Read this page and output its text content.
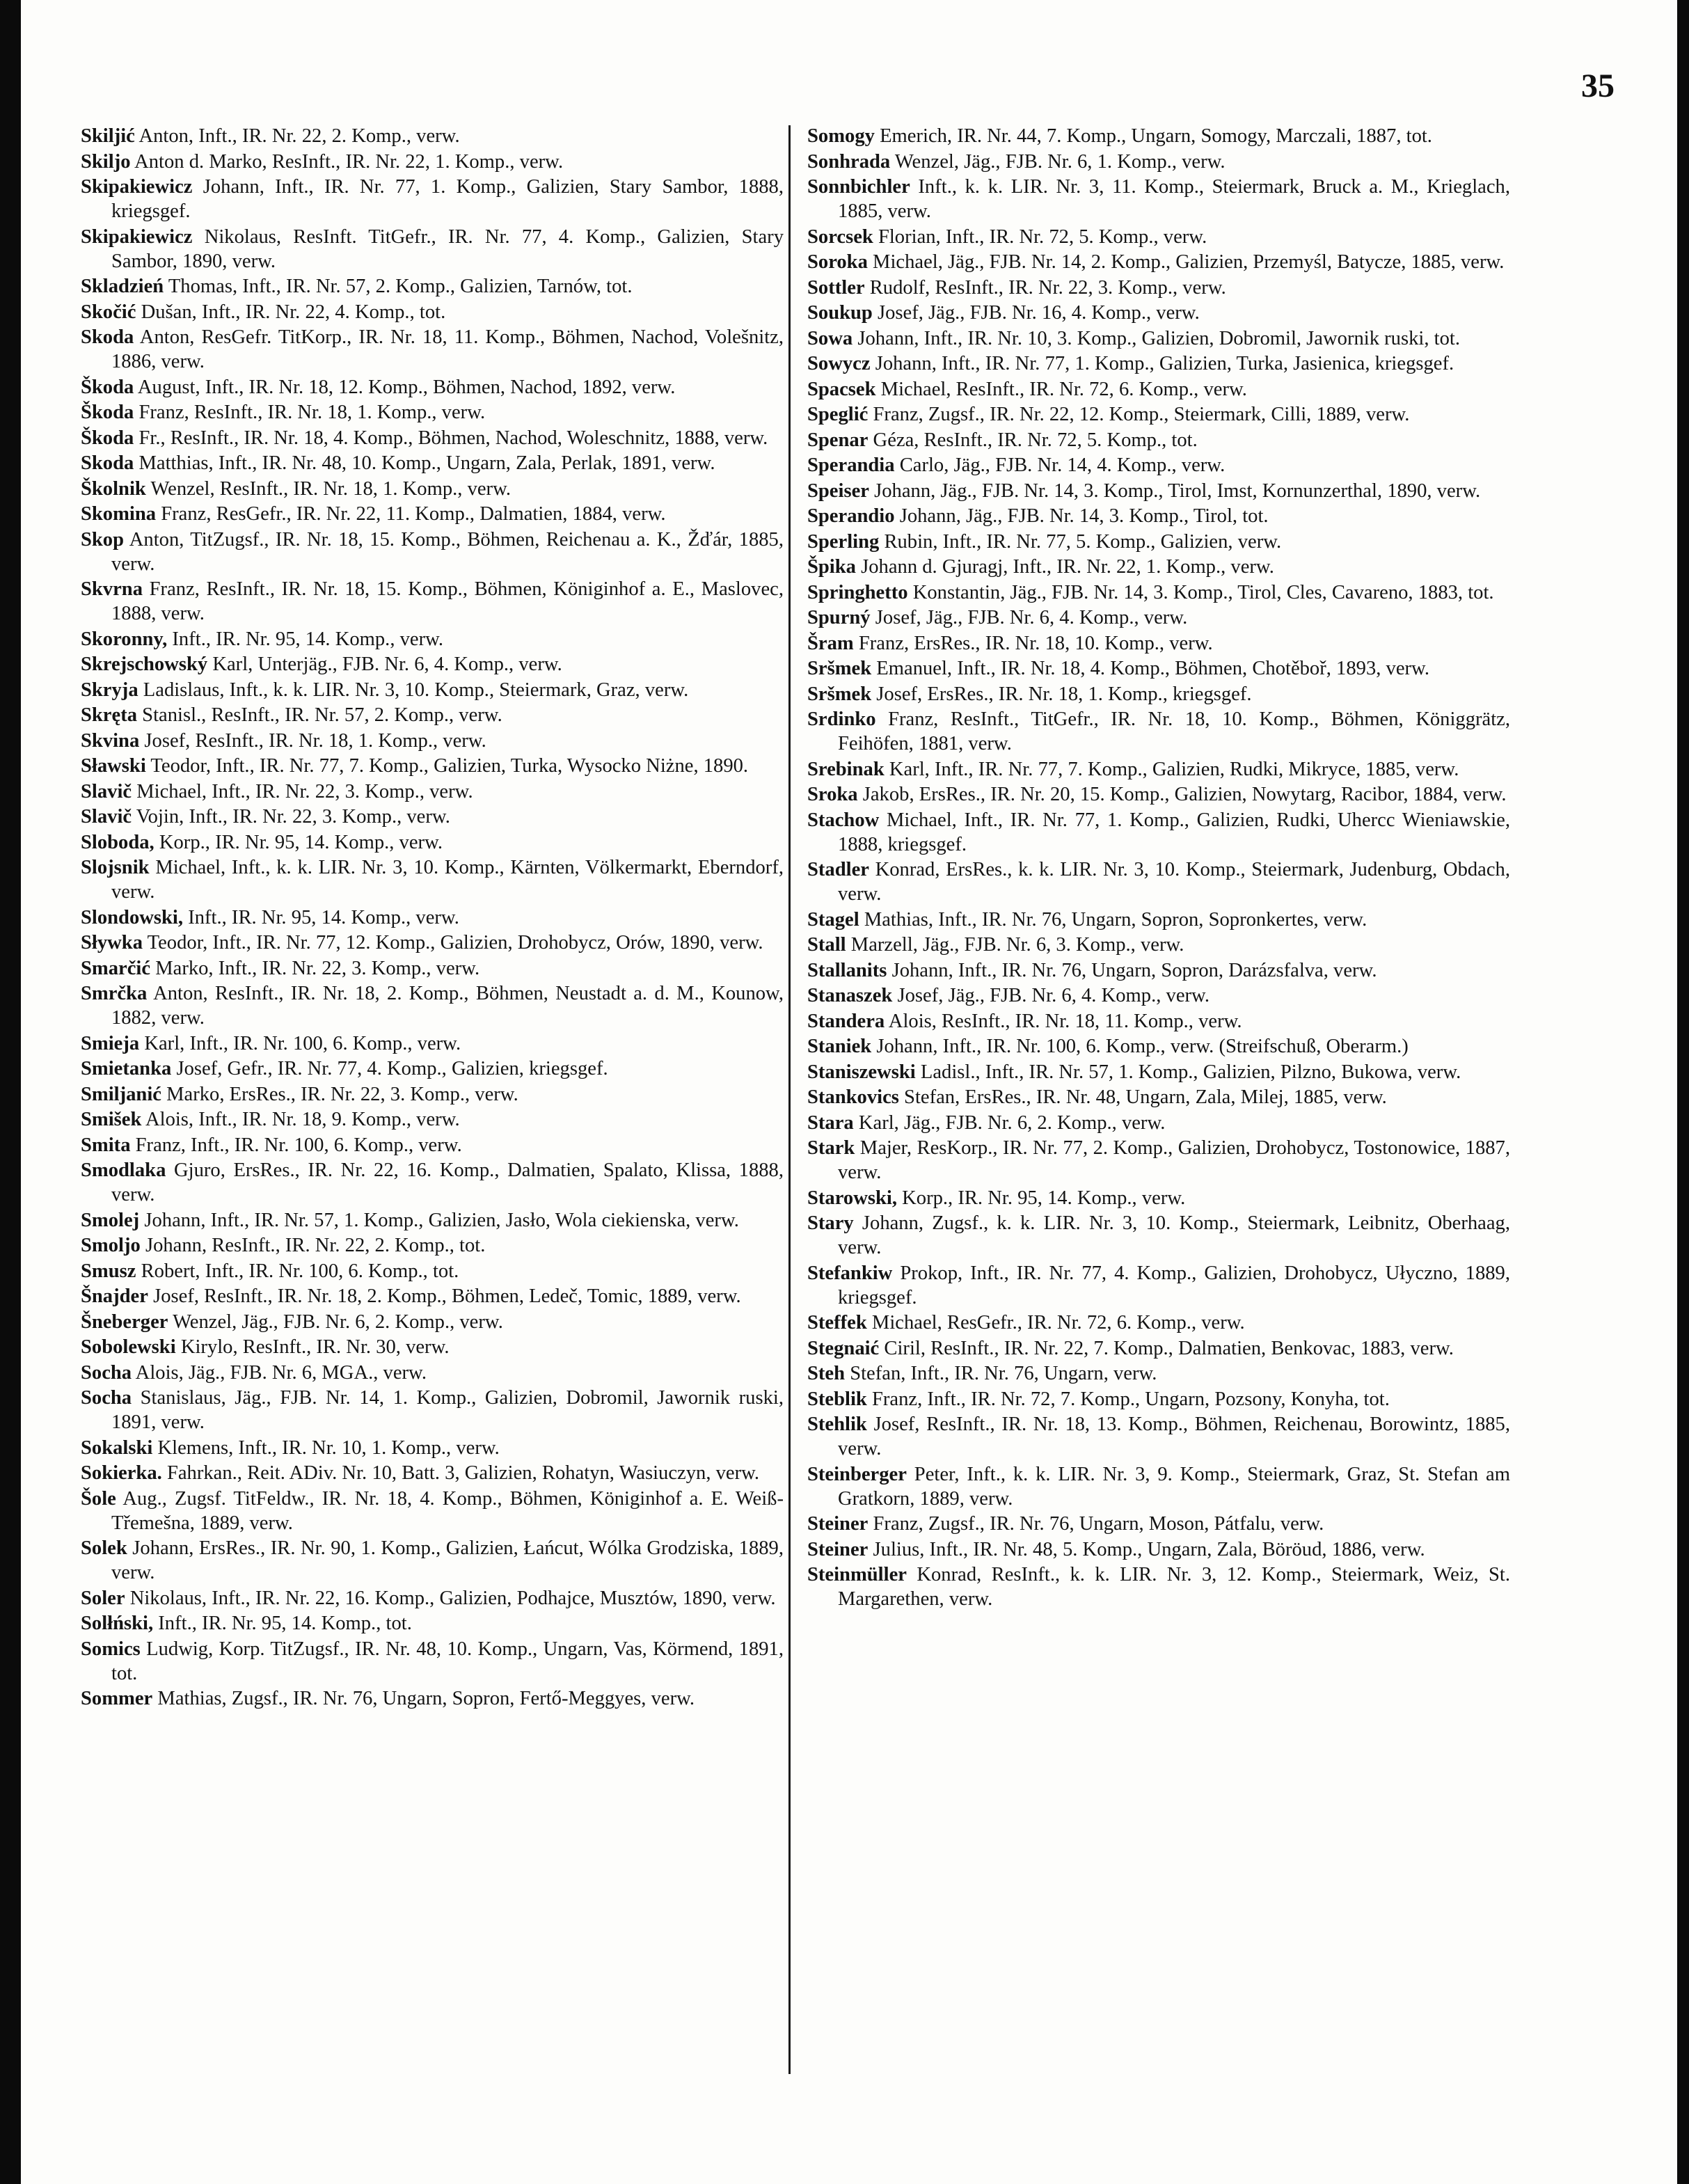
35

Skiljić Anton, Inft., IR. Nr. 22, 2. Komp., verw.

Skiljo Anton d. Marko, ResInft., IR. Nr. 22, 1. Komp., verw.

Skipakiewicz Johann, Inft., IR. Nr. 77, 1. Komp., Galizien, Stary Sambor, 1888, kriegsgef.

Skipakiewicz Nikolaus, ResInft. TitGefr., IR. Nr. 77, 4. Komp., Galizien, Stary Sambor, 1890, verw.

Skladzień Thomas, Inft., IR. Nr. 57, 2. Komp., Galizien, Tarnów, tot.

Skočić Dušan, Inft., IR. Nr. 22, 4. Komp., tot.

Skoda Anton, ResGefr. TitKorp., IR. Nr. 18, 11. Komp., Böhmen, Nachod, Volešnitz, 1886, verw.

Škoda August, Inft., IR. Nr. 18, 12. Komp., Böhmen, Nachod, 1892, verw.

Škoda Franz, ResInft., IR. Nr. 18, 1. Komp., verw.

Škoda Fr., ResInft., IR. Nr. 18, 4. Komp., Böhmen, Nachod, Woleschnitz, 1888, verw.

Skoda Matthias, Inft., IR. Nr. 48, 10. Komp., Ungarn, Zala, Perlak, 1891, verw.

Školnik Wenzel, ResInft., IR. Nr. 18, 1. Komp., verw.

Skomina Franz, ResGefr., IR. Nr. 22, 11. Komp., Dalmatien, 1884, verw.

Skop Anton, TitZugsf., IR. Nr. 18, 15. Komp., Böhmen, Reichenau a. K., Žďár, 1885, verw.

Skvrna Franz, ResInft., IR. Nr. 18, 15. Komp., Böhmen, Königinhof a. E., Maslovec, 1888, verw.

Skoronny, Inft., IR. Nr. 95, 14. Komp., verw.

Skrejschowský Karl, Unterjäg., FJB. Nr. 6, 4. Komp., verw.

Skryja Ladislaus, Inft., k. k. LIR. Nr. 3, 10. Komp., Steiermark, Graz, verw.

Skręta Stanisl., ResInft., IR. Nr. 57, 2. Komp., verw.

Skvina Josef, ResInft., IR. Nr. 18, 1. Komp., verw.

Sławski Teodor, Inft., IR. Nr. 77, 7. Komp., Galizien, Turka, Wysocko Niżne, 1890.

Slavič Michael, Inft., IR. Nr. 22, 3. Komp., verw.

Slavič Vojin, Inft., IR. Nr. 22, 3. Komp., verw.

Sloboda, Korp., IR. Nr. 95, 14. Komp., verw.

Slojsnik Michael, Inft., k. k. LIR. Nr. 3, 10. Komp., Kärnten, Völkermarkt, Eberndorf, verw.

Slondowski, Inft., IR. Nr. 95, 14. Komp., verw.

Sływka Teodor, Inft., IR. Nr. 77, 12. Komp., Galizien, Drohobycz, Orów, 1890, verw.

Smarčić Marko, Inft., IR. Nr. 22, 3. Komp., verw.

Smrčka Anton, ResInft., IR. Nr. 18, 2. Komp., Böhmen, Neustadt a. d. M., Kounow, 1882, verw.

Smieja Karl, Inft., IR. Nr. 100, 6. Komp., verw.

Smietanka Josef, Gefr., IR. Nr. 77, 4. Komp., Galizien, kriegsgef.

Smiljanić Marko, ErsRes., IR. Nr. 22, 3. Komp., verw.

Smišek Alois, Inft., IR. Nr. 18, 9. Komp., verw.

Smita Franz, Inft., IR. Nr. 100, 6. Komp., verw.

Smodlaka Gjuro, ErsRes., IR. Nr. 22, 16. Komp., Dalmatien, Spalato, Klissa, 1888, verw.

Smolej Johann, Inft., IR. Nr. 57, 1. Komp., Galizien, Jasło, Wola ciekienska, verw.

Smoljo Johann, ResInft., IR. Nr. 22, 2. Komp., tot.

Smusz Robert, Inft., IR. Nr. 100, 6. Komp., tot.

Šnajder Josef, ResInft., IR. Nr. 18, 2. Komp., Böhmen, Ledeč, Tomic, 1889, verw.

Šneberger Wenzel, Jäg., FJB. Nr. 6, 2. Komp., verw.

Sobolewski Kirylo, ResInft., IR. Nr. 30, verw.

Socha Alois, Jäg., FJB. Nr. 6, MGA., verw.

Socha Stanislaus, Jäg., FJB. Nr. 14, 1. Komp., Galizien, Dobromil, Jawornik ruski, 1891, verw.

Sokalski Klemens, Inft., IR. Nr. 10, 1. Komp., verw.

Sokierka. Fahrkan., Reit. ADiv. Nr. 10, Batt. 3, Galizien, Rohatyn, Wasiuczyn, verw.

Šole Aug., Zugsf. TitFeldw., IR. Nr. 18, 4. Komp., Böhmen, Königinhof a. E. Weiß-Třemešna, 1889, verw.

Solek Johann, ErsRes., IR. Nr. 90, 1. Komp., Galizien, Łańcut, Wólka Grodziska, 1889, verw.

Soler Nikolaus, Inft., IR. Nr. 22, 16. Komp., Galizien, Podhajce, Musztów, 1890, verw.

Solłński, Inft., IR. Nr. 95, 14. Komp., tot.

Somics Ludwig, Korp. TitZugsf., IR. Nr. 48, 10. Komp., Ungarn, Vas, Körmend, 1891, tot.

Sommer Mathias, Zugsf., IR. Nr. 76, Ungarn, Sopron, Fertő-Meggyes, verw.

Somogy Emerich, IR. Nr. 44, 7. Komp., Ungarn, Somogy, Marczali, 1887, tot.

Sonhrada Wenzel, Jäg., FJB. Nr. 6, 1. Komp., verw.

Sonnbichler Inft., k. k. LIR. Nr. 3, 11. Komp., Steiermark, Bruck a. M., Krieglach, 1885, verw.

Sorcsek Florian, Inft., IR. Nr. 72, 5. Komp., verw.

Soroka Michael, Jäg., FJB. Nr. 14, 2. Komp., Galizien, Przemyśl, Batycze, 1885, verw.

Sottler Rudolf, ResInft., IR. Nr. 22, 3. Komp., verw.

Soukup Josef, Jäg., FJB. Nr. 16, 4. Komp., verw.

Sowa Johann, Inft., IR. Nr. 10, 3. Komp., Galizien, Dobromil, Jawornik ruski, tot.

Sowycz Johann, Inft., IR. Nr. 77, 1. Komp., Galizien, Turka, Jasienica, kriegsgef.

Spacsek Michael, ResInft., IR. Nr. 72, 6. Komp., verw.

Speglić Franz, Zugsf., IR. Nr. 22, 12. Komp., Steiermark, Cilli, 1889, verw.

Spenar Géza, ResInft., IR. Nr. 72, 5. Komp., tot.

Sperandia Carlo, Jäg., FJB. Nr. 14, 4. Komp., verw.

Speiser Johann, Jäg., FJB. Nr. 14, 3. Komp., Tirol, Imst, Kornunzerthal, 1890, verw.

Sperandio Johann, Jäg., FJB. Nr. 14, 3. Komp., Tirol, tot.

Sperling Rubin, Inft., IR. Nr. 77, 5. Komp., Galizien, verw.

Špika Johann d. Gjuragj, Inft., IR. Nr. 22, 1. Komp., verw.

Springhetto Konstantin, Jäg., FJB. Nr. 14, 3. Komp., Tirol, Cles, Cavareno, 1883, tot.

Spurný Josef, Jäg., FJB. Nr. 6, 4. Komp., verw.

Šram Franz, ErsRes., IR. Nr. 18, 10. Komp., verw.

Sršmek Emanuel, Inft., IR. Nr. 18, 4. Komp., Böhmen, Chotěboř, 1893, verw.

Sršmek Josef, ErsRes., IR. Nr. 18, 1. Komp., kriegsgef.

Srdinko Franz, ResInft., TitGefr., IR. Nr. 18, 10. Komp., Böhmen, Königgrätz, Feihöfen, 1881, verw.

Srebinak Karl, Inft., IR. Nr. 77, 7. Komp., Galizien, Rudki, Mikryce, 1885, verw.

Sroka Jakob, ErsRes., IR. Nr. 20, 15. Komp., Galizien, Nowytarg, Racibor, 1884, verw.

Stachow Michael, Inft., IR. Nr. 77, 1. Komp., Galizien, Rudki, Uhercc Wieniawskie, 1888, kriegsgef.

Stadler Konrad, ErsRes., k. k. LIR. Nr. 3, 10. Komp., Steiermark, Judenburg, Obdach, verw.

Stagel Mathias, Inft., IR. Nr. 76, Ungarn, Sopron, Sopronkertes, verw.

Stall Marzell, Jäg., FJB. Nr. 6, 3. Komp., verw.

Stallanits Johann, Inft., IR. Nr. 76, Ungarn, Sopron, Darázsfalva, verw.

Stanaszek Josef, Jäg., FJB. Nr. 6, 4. Komp., verw.

Standera Alois, ResInft., IR. Nr. 18, 11. Komp., verw.

Staniek Johann, Inft., IR. Nr. 100, 6. Komp., verw. (Streifschuß, Oberarm.)

Staniszewski Ladisl., Inft., IR. Nr. 57, 1. Komp., Galizien, Pilzno, Bukowa, verw.

Stankovics Stefan, ErsRes., IR. Nr. 48, Ungarn, Zala, Milej, 1885, verw.

Stara Karl, Jäg., FJB. Nr. 6, 2. Komp., verw.

Stark Majer, ResKorp., IR. Nr. 77, 2. Komp., Galizien, Drohobycz, Tostonowice, 1887, verw.

Starowski, Korp., IR. Nr. 95, 14. Komp., verw.

Stary Johann, Zugsf., k. k. LIR. Nr. 3, 10. Komp., Steiermark, Leibnitz, Oberhaag, verw.

Stefankiw Prokop, Inft., IR. Nr. 77, 4. Komp., Galizien, Drohobycz, Ułyczno, 1889, kriegsgef.

Steffek Michael, ResGefr., IR. Nr. 72, 6. Komp., verw.

Stegnaić Ciril, ResInft., IR. Nr. 22, 7. Komp., Dalmatien, Benkovac, 1883, verw.

Steh Stefan, Inft., IR. Nr. 76, Ungarn, verw.

Steblik Franz, Inft., IR. Nr. 72, 7. Komp., Ungarn, Pozsony, Konyha, tot.

Stehlik Josef, ResInft., IR. Nr. 18, 13. Komp., Böhmen, Reichenau, Borowintz, 1885, verw.

Steinberger Peter, Inft., k. k. LIR. Nr. 3, 9. Komp., Steiermark, Graz, St. Stefan am Gratkorn, 1889, verw.

Steiner Franz, Zugsf., IR. Nr. 76, Ungarn, Moson, Pátfalu, verw.

Steiner Julius, Inft., IR. Nr. 48, 5. Komp., Ungarn, Zala, Böröud, 1886, verw.

Steinmüller Konrad, ResInft., k. k. LIR. Nr. 3, 12. Komp., Steiermark, Weiz, St. Margarethen, verw.
